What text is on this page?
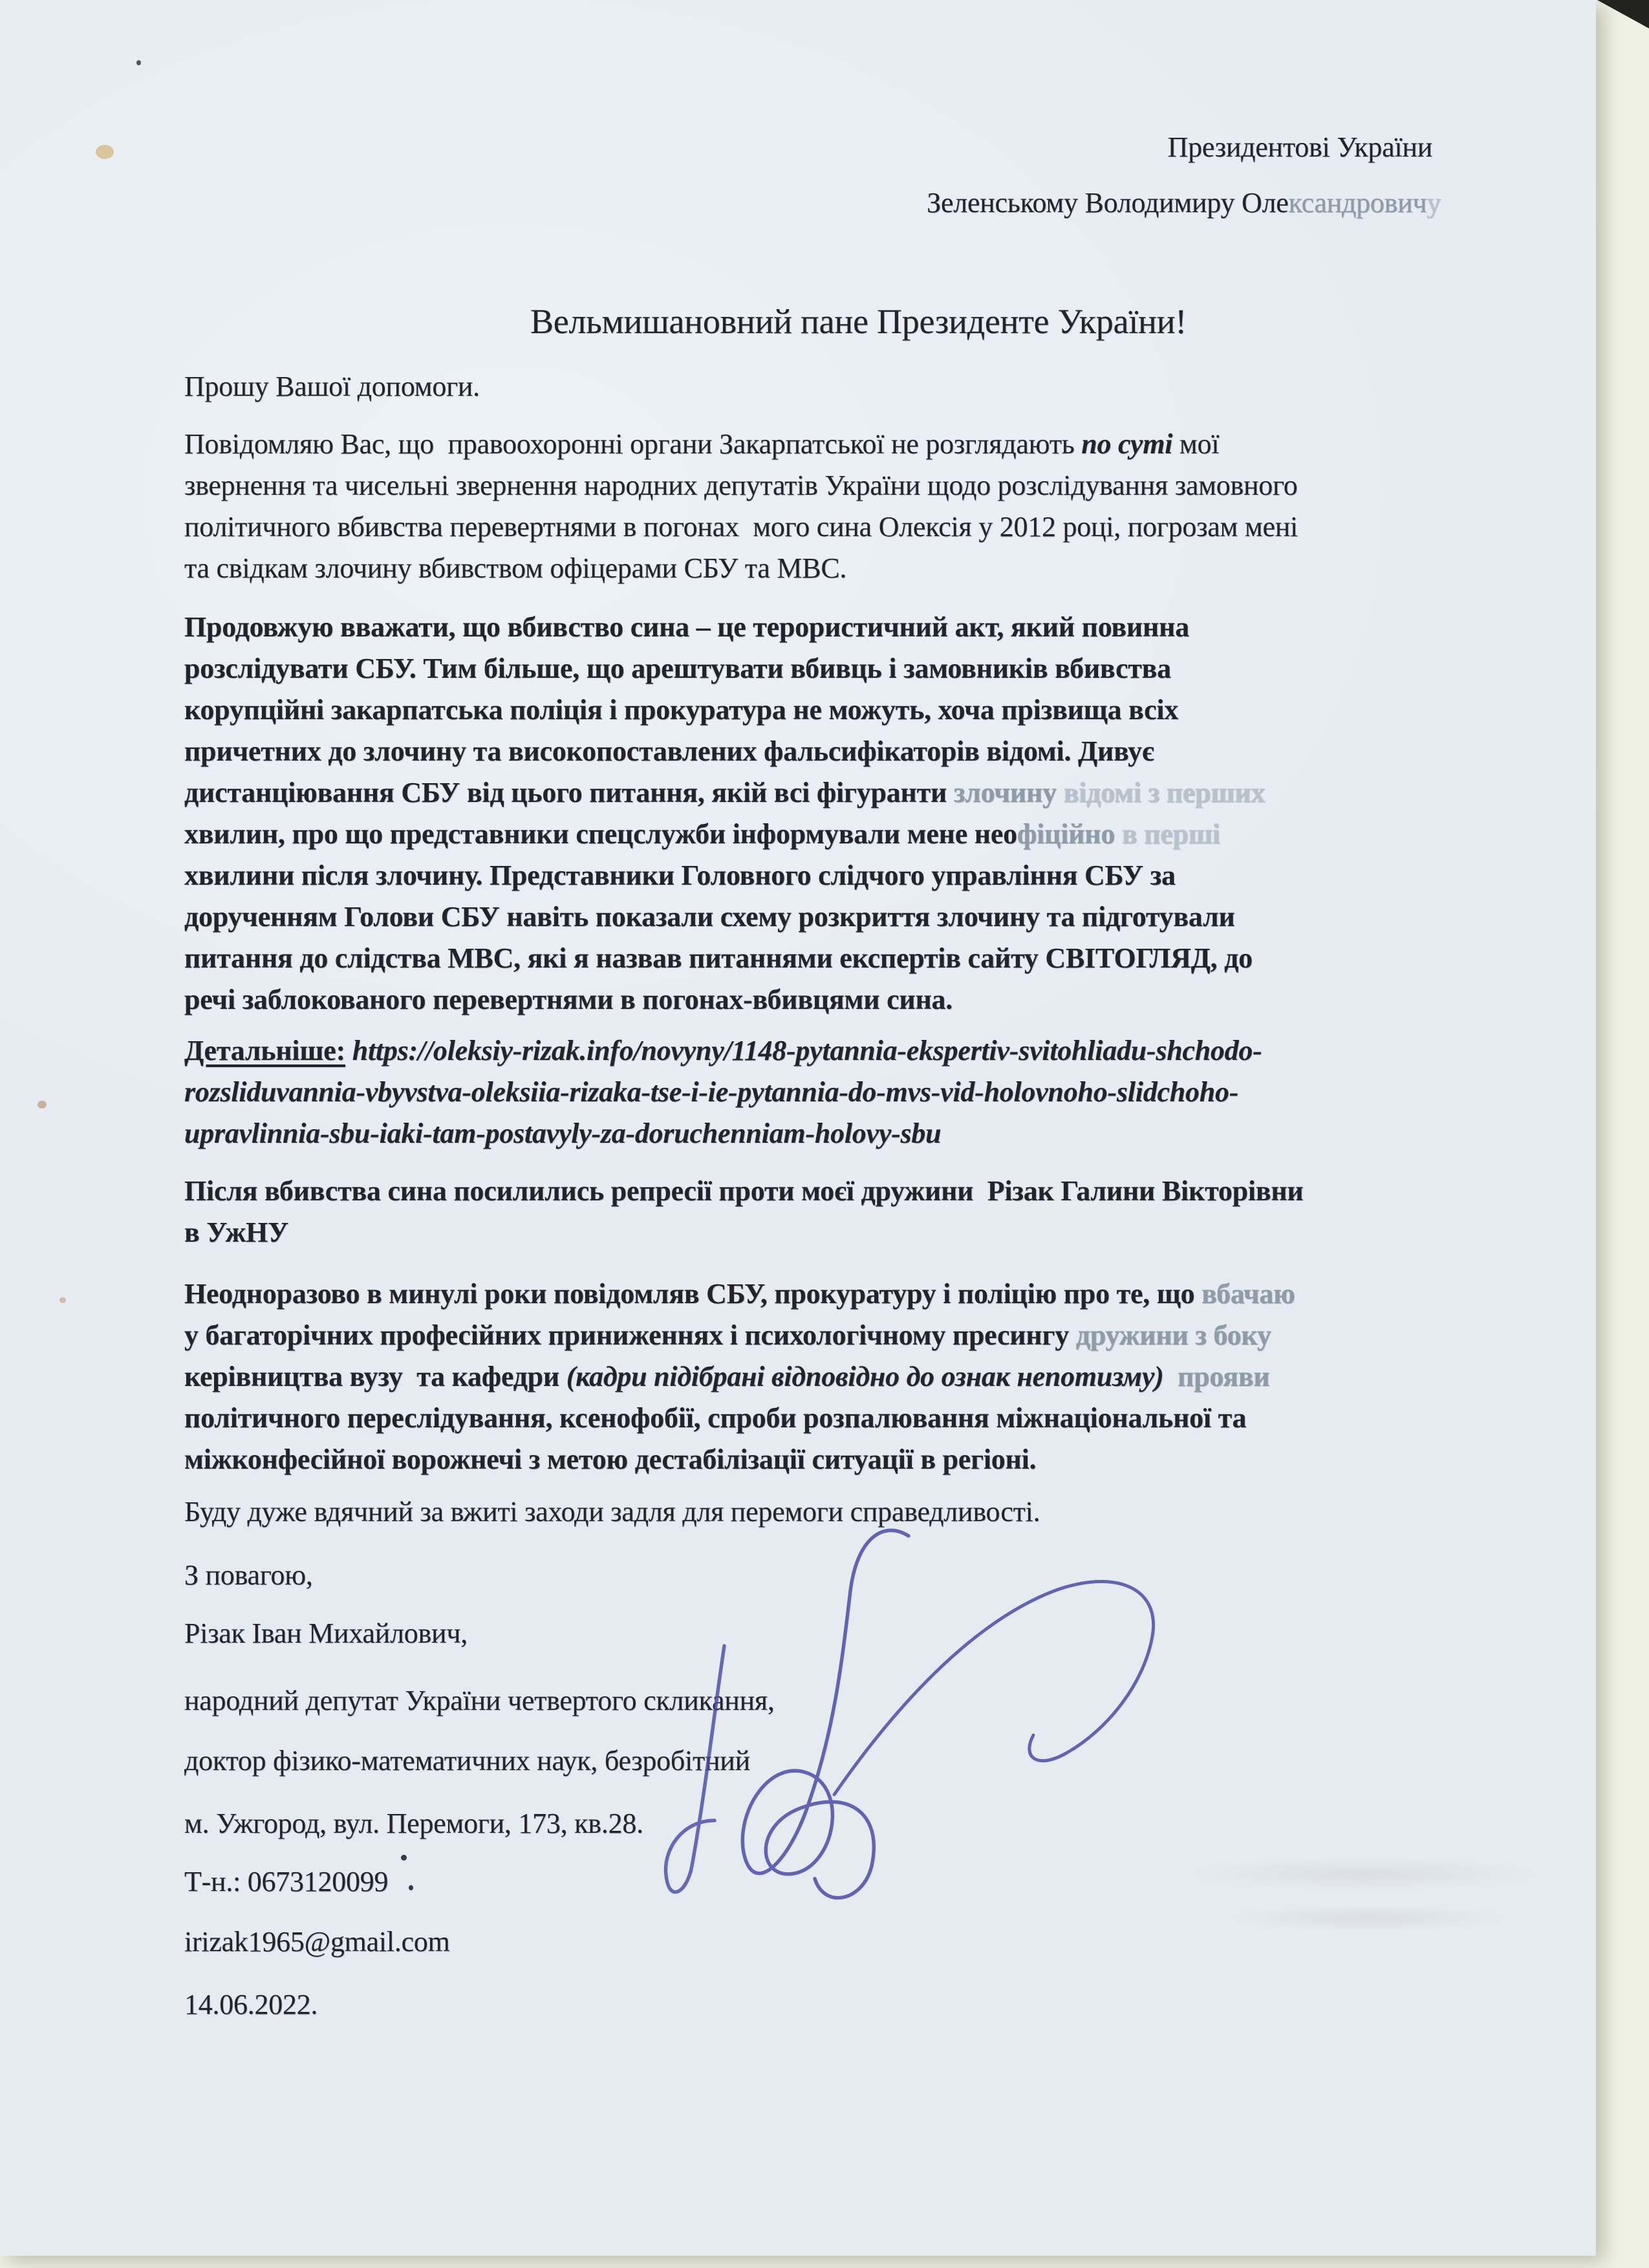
Президентові України
Зеленському Володимиру Олександровичу
Вельмишановний пане Президенте України!
Прошу Вашої допомоги.
Повідомляю Вас, що  правоохоронні органи Закарпатської не розглядають по суті мої
звернення та чисельні звернення народних депутатів України щодо розслідування замовного
політичного вбивства перевертнями в погонах  мого сина Олексія у 2012 році, погрозам мені
та свідкам злочину вбивством офіцерами СБУ та МВС.
Продовжую вважати, що вбивство сина – це терористичний акт, який повинна
розслідувати СБУ. Тим більше, що арештувати вбивць і замовників вбивства
корупційні закарпатська поліція і прокуратура не можуть, хоча прізвища всіх
причетних до злочину та високопоставлених фальсифікаторів відомі. Дивує
дистанціювання СБУ від цього питання, якій всі фігуранти злочину відомі з перших
хвилин, про що представники спецслужби інформували мене неофіційно в перші
хвилини після злочину. Представники Головного слідчого управління СБУ за
дорученням Голови СБУ навіть показали схему розкриття злочину та підготували
питання до слідства МВС, які я назвав питаннями експертів сайту СВІТОГЛЯД, до
речі заблокованого перевертнями в погонах-вбивцями сина.
Детальніше: https://oleksiy-rizak.info/novyny/1148-pytannia-ekspertiv-svitohliadu-shchodo-
rozsliduvannia-vbyvstva-oleksiia-rizaka-tse-i-ie-pytannia-do-mvs-vid-holovnoho-slidchoho-
upravlinnia-sbu-iaki-tam-postavyly-za-doruchenniam-holovy-sbu
Після вбивства сина посилились репресії проти моєї дружини  Різак Галини Вікторівни
в УжНУ
Неодноразово в минулі роки повідомляв СБУ, прокуратуру і поліцію про те, що вбачаю
у багаторічних професійних приниженнях і психологічному пресингу дружини з боку
керівництва вузу  та кафедри (кадри підібрані відповідно до ознак непотизму) прояви
політичного переслідування, ксенофобії, спроби розпалювання міжнаціональної та
міжконфесійної ворожнечі з метою дестабілізації ситуації в регіоні.
Буду дуже вдячний за вжиті заходи задля для перемоги справедливості.
З повагою,
Різак Іван Михайлович,
народний депутат України четвертого скликання,
доктор фізико-математичних наук, безробітний
м. Ужгород, вул. Перемоги, 173, кв.28.
Т-н.: 0673120099
irizak1965@gmail.com
14.06.2022.
